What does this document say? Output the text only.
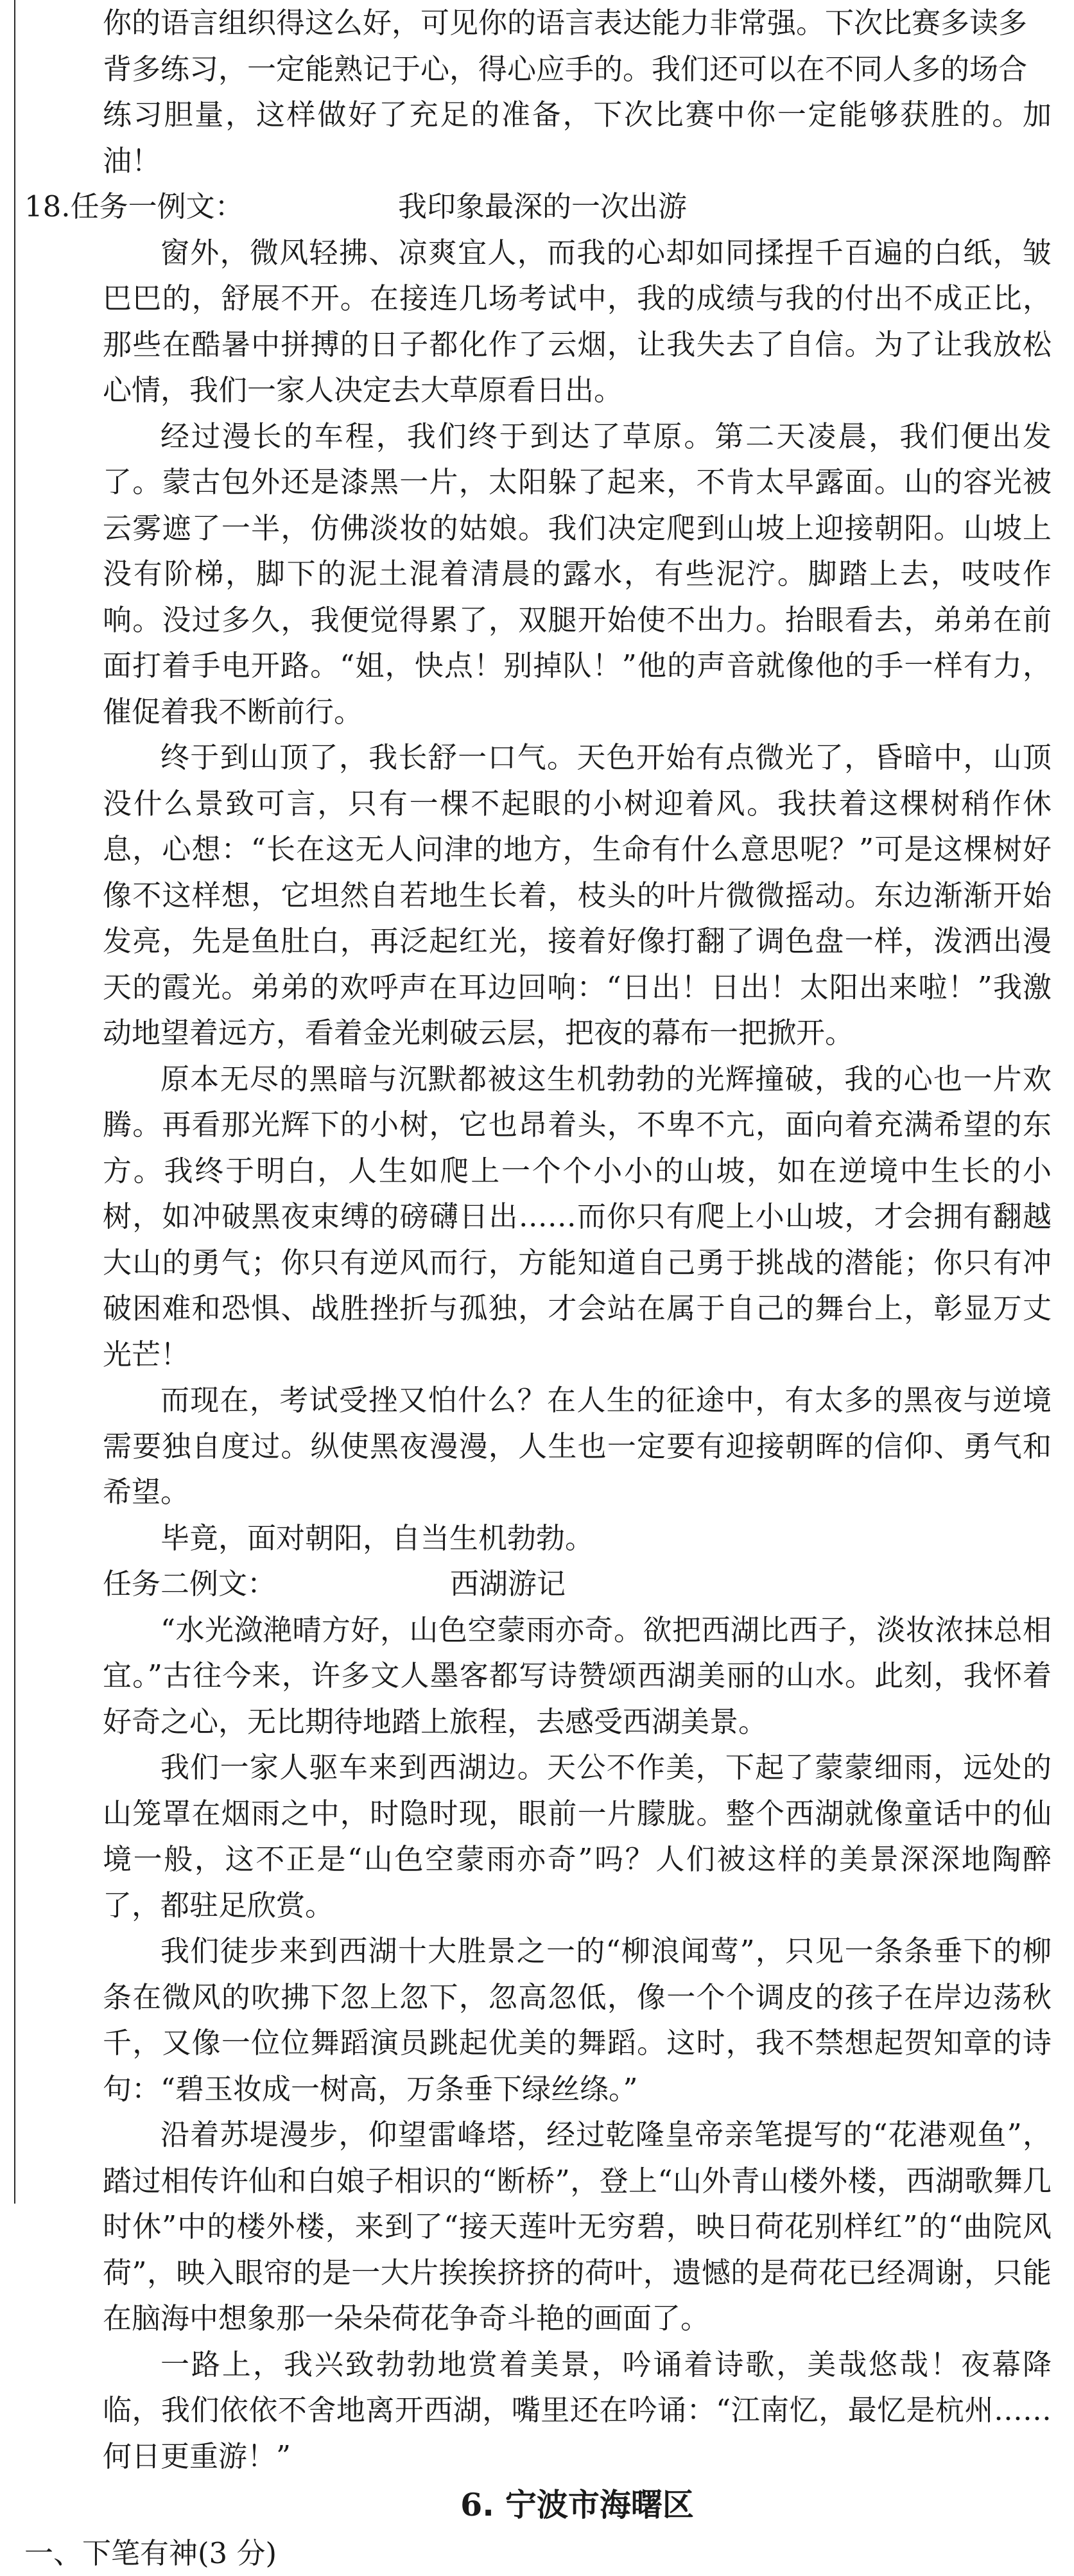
你的语言组织得这么好，可见你的语言表达能力非常强。下次比赛多读多

背多练习，一定能熟记于心，得心应手的。我们还可以在不同人多的场合

练习胆量，这样做好了充足的准备，下次比赛中你一定能够获胜的。加油！

18.任务一例文：	我印象最深的一次出游

窗外，微风轻拂、凉爽宜人，而我的心却如同揉捏千百遍的白纸，皱巴巴的，舒展不开。在接连几场考试中，我的成绩与我的付出不成正比，那些在酷暑中拼搏的日子都化作了云烟，让我失去了自信。为了让我放松心情，我们一家人决定去大草原看日出。

经过漫长的车程，我们终于到达了草原。第二天凌晨，我们便出发了。蒙古包外还是漆黑一片，太阳躲了起来，不肯太早露面。山的容光被云雾遮了一半，仿佛淡妆的姑娘。我们决定爬到山坡上迎接朝阳。山坡上没有阶梯，脚下的泥土混着清晨的露水，有些泥泞。脚踏上去，吱吱作响。没过多久，我便觉得累了，双腿开始使不出力。抬眼看去，弟弟在前面打着手电开路。“姐，快点！别掉队！”他的声音就像他的手一样有力，催促着我不断前行。

终于到山顶了，我长舒一口气。天色开始有点微光了，昏暗中，山顶没什么景致可言，只有一棵不起眼的小树迎着风。我扶着这棵树稍作休息，心想：“长在这无人问津的地方，生命有什么意思呢？”可是这棵树好像不这样想，它坦然自若地生长着，枝头的叶片微微摇动。东边渐渐开始发亮，先是鱼肚白，再泛起红光，接着好像打翻了调色盘一样，泼洒出漫天的霞光。弟弟的欢呼声在耳边回响：“日出！日出！太阳出来啦！”我激动地望着远方，看着金光刺破云层，把夜的幕布一把掀开。

原本无尽的黑暗与沉默都被这生机勃勃的光辉撞破，我的心也一片欢腾。再看那光辉下的小树，它也昂着头，不卑不亢，面向着充满希望的东方。我终于明白，人生如爬上一个个小小的山坡，如在逆境中生长的小树，如冲破黑夜束缚的磅礴日出……而你只有爬上小山坡，才会拥有翻越大山的勇气；你只有逆风而行，方能知道自己勇于挑战的潜能；你只有冲破困难和恐惧、战胜挫折与孤独，才会站在属于自己的舞台上，彰显万丈光芒！

而现在，考试受挫又怕什么？在人生的征途中，有太多的黑夜与逆境需要独自度过。纵使黑夜漫漫，人生也一定要有迎接朝晖的信仰、勇气和希望。

毕竟，面对朝阳，自当生机勃勃。

任务二例文：	西湖游记

“水光潋滟晴方好，山色空蒙雨亦奇。欲把西湖比西子，淡妆浓抹总相宜。”古往今来，许多文人墨客都写诗赞颂西湖美丽的山水。此刻，我怀着好奇之心，无比期待地踏上旅程，去感受西湖美景。

我们一家人驱车来到西湖边。天公不作美，下起了蒙蒙细雨，远处的山笼罩在烟雨之中，时隐时现，眼前一片朦胧。整个西湖就像童话中的仙境一般，这不正是“山色空蒙雨亦奇”吗？人们被这样的美景深深地陶醉了，都驻足欣赏。

我们徒步来到西湖十大胜景之一的“柳浪闻莺”，只见一条条垂下的柳条在微风的吹拂下忽上忽下，忽高忽低，像一个个调皮的孩子在岸边荡秋千，又像一位位舞蹈演员跳起优美的舞蹈。这时，我不禁想起贺知章的诗句：“碧玉妆成一树高，万条垂下绿丝绦。”

沿着苏堤漫步，仰望雷峰塔，经过乾隆皇帝亲笔提写的“花港观鱼”，踏过相传许仙和白娘子相识的“断桥”，登上“山外青山楼外楼，西湖歌舞几时休”中的楼外楼，来到了“接天莲叶无穷碧，映日荷花别样红”的“曲院风荷”，映入眼帘的是一大片挨挨挤挤的荷叶，遗憾的是荷花已经凋谢，只能在脑海中想象那一朵朵荷花争奇斗艳的画面了。

一路上，我兴致勃勃地赏着美景，吟诵着诗歌，美哉悠哉！夜幕降临，我们依依不舍地离开西湖，嘴里还在吟诵：“江南忆，最忆是杭州……何日更重游！”

6. 宁波市海曙区

一、下笔有神(3 分)
